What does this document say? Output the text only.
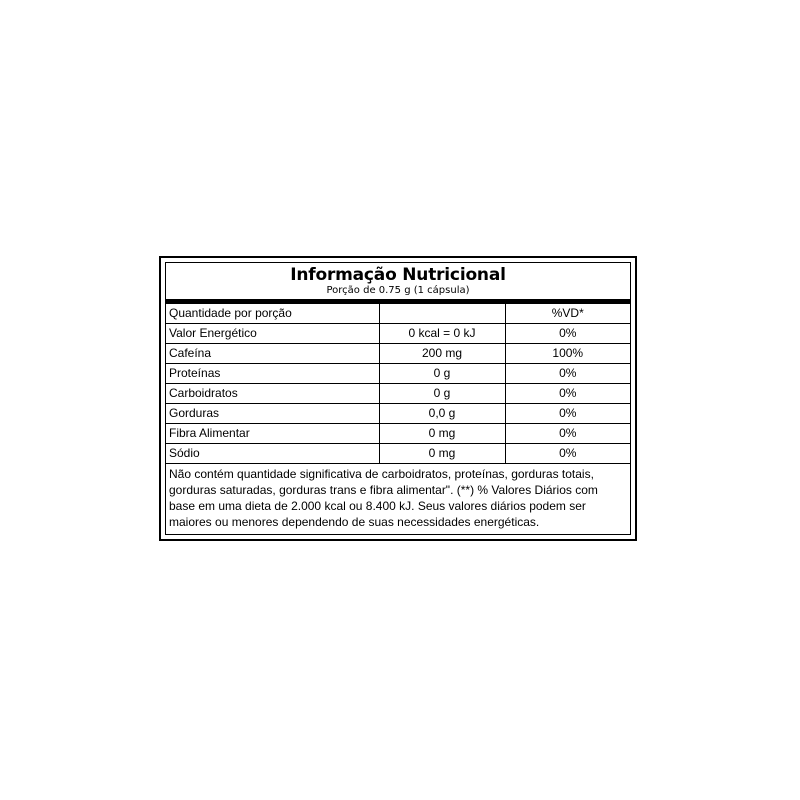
Informação Nutricional
Porção de 0.75 g (1 cápsula)
Quantidade por porção		%VD*
Valor Energético	0 kcal = 0 kJ	0%
Cafeína	200 mg	100%
Proteínas	0 g	0%
Carboidratos	0 g	0%
Gorduras	0,0 g	0%
Fibra Alimentar	0 mg	0%
Sódio	0 mg	0%
Não contém quantidade significativa de carboidratos, proteínas, gorduras totais, gorduras saturadas, gorduras trans e fibra alimentar". (**) % Valores Diários com base em uma dieta de 2.000 kcal ou 8.400 kJ. Seus valores diários podem ser maiores ou menores dependendo de suas necessidades energéticas.
